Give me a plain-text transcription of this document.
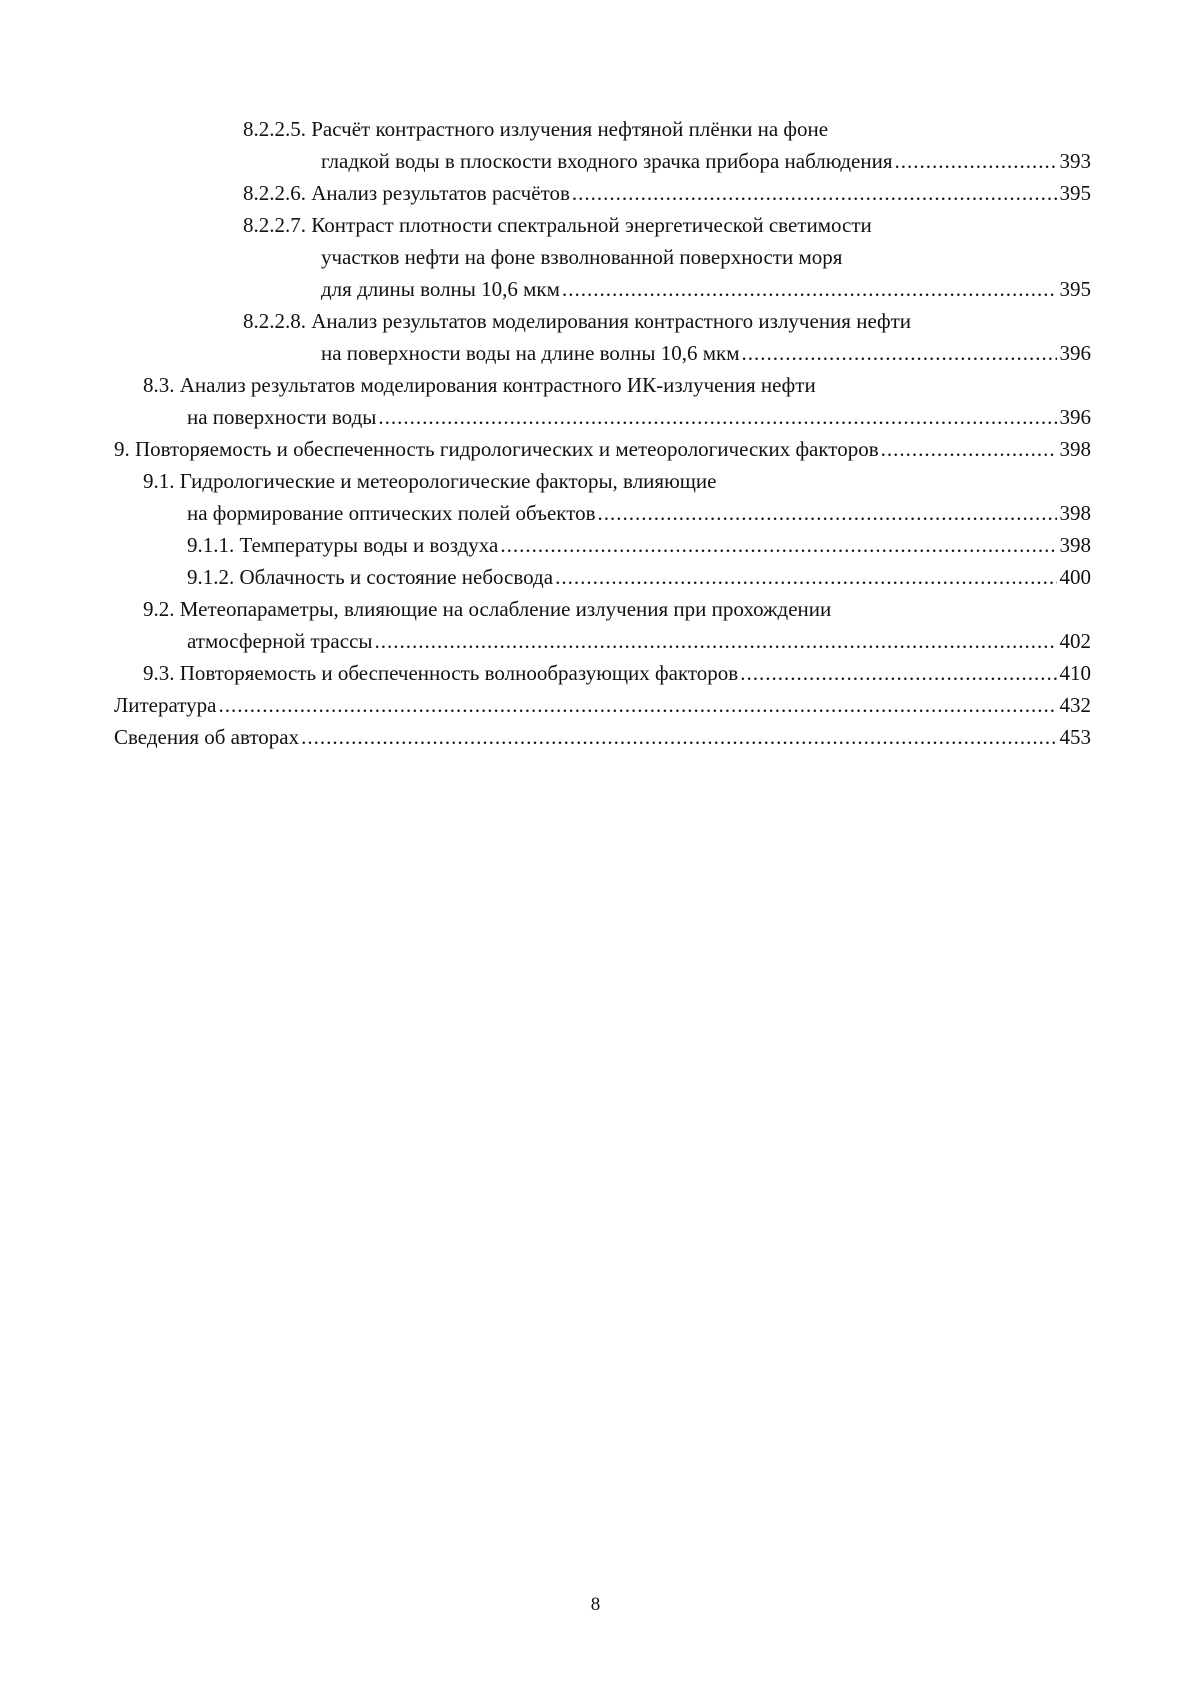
8.2.2.5. Расчёт контрастного излучения нефтяной плёнки на фоне
гладкой воды в плоскости входного зрачка прибора наблюдения .....	393
8.2.2.6. Анализ результатов расчётов .....	395
8.2.2.7. Контраст плотности спектральной энергетической светимости
участков нефти на фоне взволнованной поверхности моря
для длины волны 10,6 мкм .....	395
8.2.2.8. Анализ результатов моделирования контрастного излучения нефти
на поверхности воды на длине волны 10,6 мкм .....	396
8.3. Анализ результатов моделирования контрастного ИК-излучения нефти
на поверхности воды .....	396
9. Повторяемость и обеспеченность гидрологических и метеорологических факторов .....	398
9.1. Гидрологические и метеорологические факторы, влияющие
на формирование оптических полей объектов .....	398
9.1.1. Температуры воды и воздуха .....	398
9.1.2. Облачность и состояние небосвода .....	400
9.2. Метеопараметры, влияющие на ослабление излучения при прохождении
атмосферной трассы .....	402
9.3. Повторяемость и обеспеченность волнообразующих факторов .....	410
Литература .....	432
Сведения об авторах .....	453
8
